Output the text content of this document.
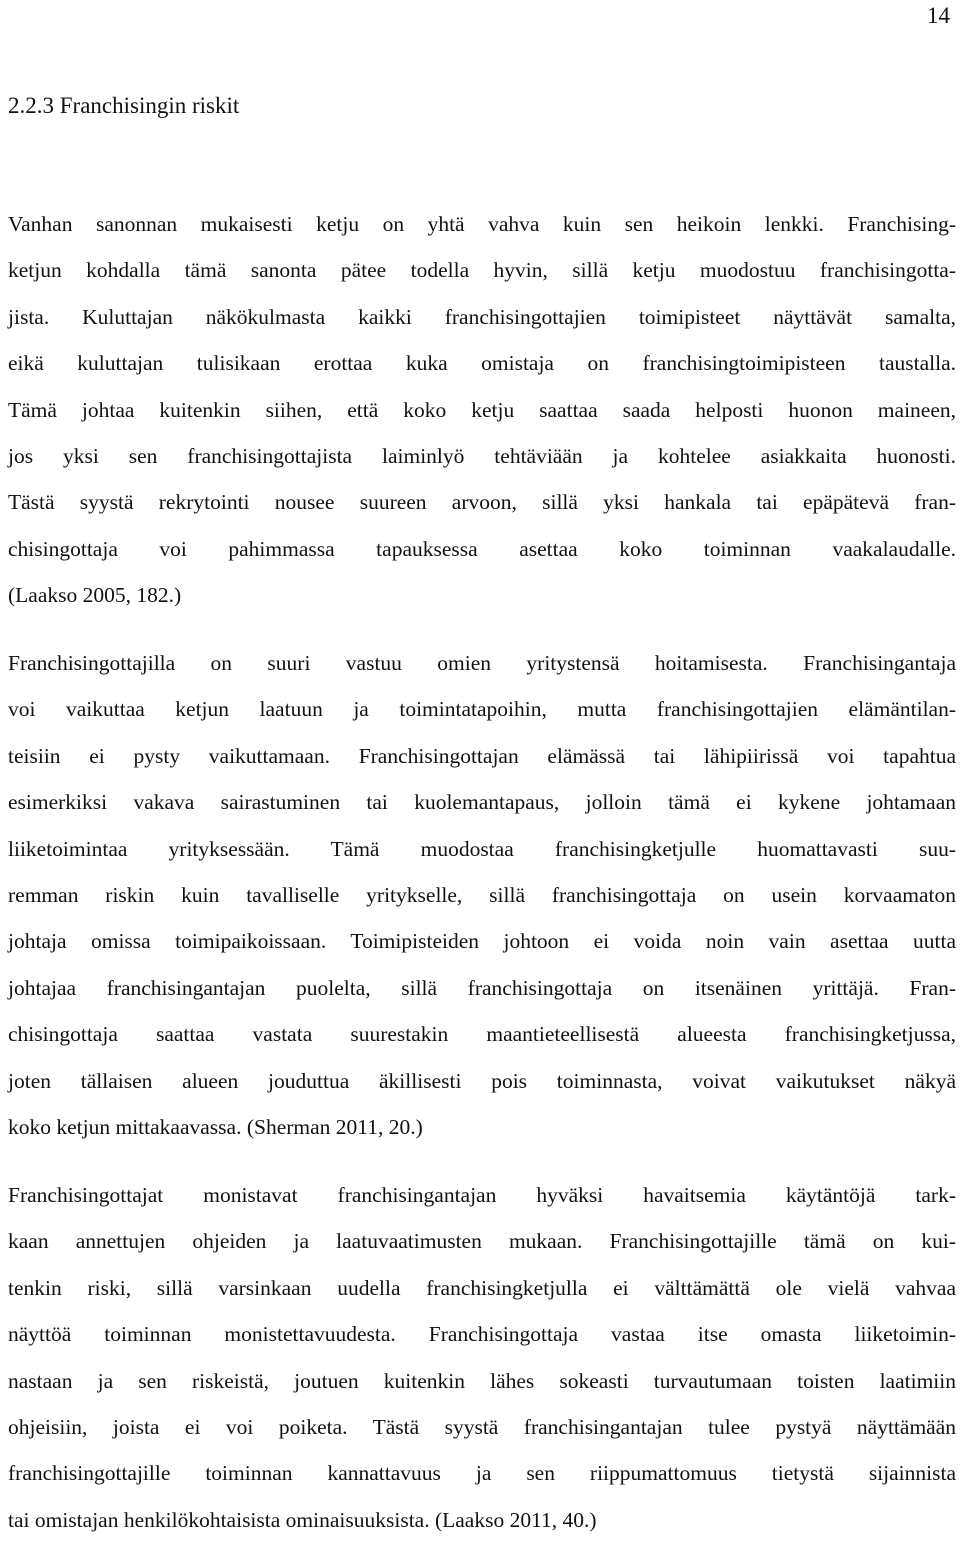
14
2.2.3 Franchisingin riskit
Vanhan sanonnan mukaisesti ketju on yhtä vahva kuin sen heikoin lenkki. Franchising-
ketjun kohdalla tämä sanonta pätee todella hyvin, sillä ketju muodostuu franchisingotta-
jista. Kuluttajan näkökulmasta kaikki franchisingottajien toimipisteet näyttävät samalta,
eikä kuluttajan tulisikaan erottaa kuka omistaja on franchisingtoimipisteen taustalla.
Tämä johtaa kuitenkin siihen, että koko ketju saattaa saada helposti huonon maineen,
jos yksi sen franchisingottajista laiminlyö tehtäviään ja kohtelee asiakkaita huonosti.
Tästä syystä rekrytointi nousee suureen arvoon, sillä yksi hankala tai epäpätevä fran-
chisingottaja voi pahimmassa tapauksessa asettaa koko toiminnan vaakalaudalle.
(Laakso 2005, 182.)
Franchisingottajilla on suuri vastuu omien yritystensä hoitamisesta. Franchisingantaja
voi vaikuttaa ketjun laatuun ja toimintatapoihin, mutta franchisingottajien elämäntilan-
teisiin ei pysty vaikuttamaan. Franchisingottajan elämässä tai lähipiirissä voi tapahtua
esimerkiksi vakava sairastuminen tai kuolemantapaus, jolloin tämä ei kykene johtamaan
liiketoimintaa yrityksessään. Tämä muodostaa franchisingketjulle huomattavasti suu-
remman riskin kuin tavalliselle yritykselle, sillä franchisingottaja on usein korvaamaton
johtaja omissa toimipaikoissaan. Toimipisteiden johtoon ei voida noin vain asettaa uutta
johtajaa franchisingantajan puolelta, sillä franchisingottaja on itsenäinen yrittäjä. Fran-
chisingottaja saattaa vastata suurestakin maantieteellisestä alueesta franchisingketjussa,
joten tällaisen alueen jouduttua äkillisesti pois toiminnasta, voivat vaikutukset näkyä
koko ketjun mittakaavassa. (Sherman 2011, 20.)
Franchisingottajat monistavat franchisingantajan hyväksi havaitsemia käytäntöjä tark-
kaan annettujen ohjeiden ja laatuvaatimusten mukaan. Franchisingottajille tämä on kui-
tenkin riski, sillä varsinkaan uudella franchisingketjulla ei välttämättä ole vielä vahvaa
näyttöä toiminnan monistettavuudesta. Franchisingottaja vastaa itse omasta liiketoimin-
nastaan ja sen riskeistä, joutuen kuitenkin lähes sokeasti turvautumaan toisten laatimiin
ohjeisiin, joista ei voi poiketa. Tästä syystä franchisingantajan tulee pystyä näyttämään
franchisingottajille toiminnan kannattavuus ja sen riippumattomuus tietystä sijainnista
tai omistajan henkilökohtaisista ominaisuuksista. (Laakso 2011, 40.)
